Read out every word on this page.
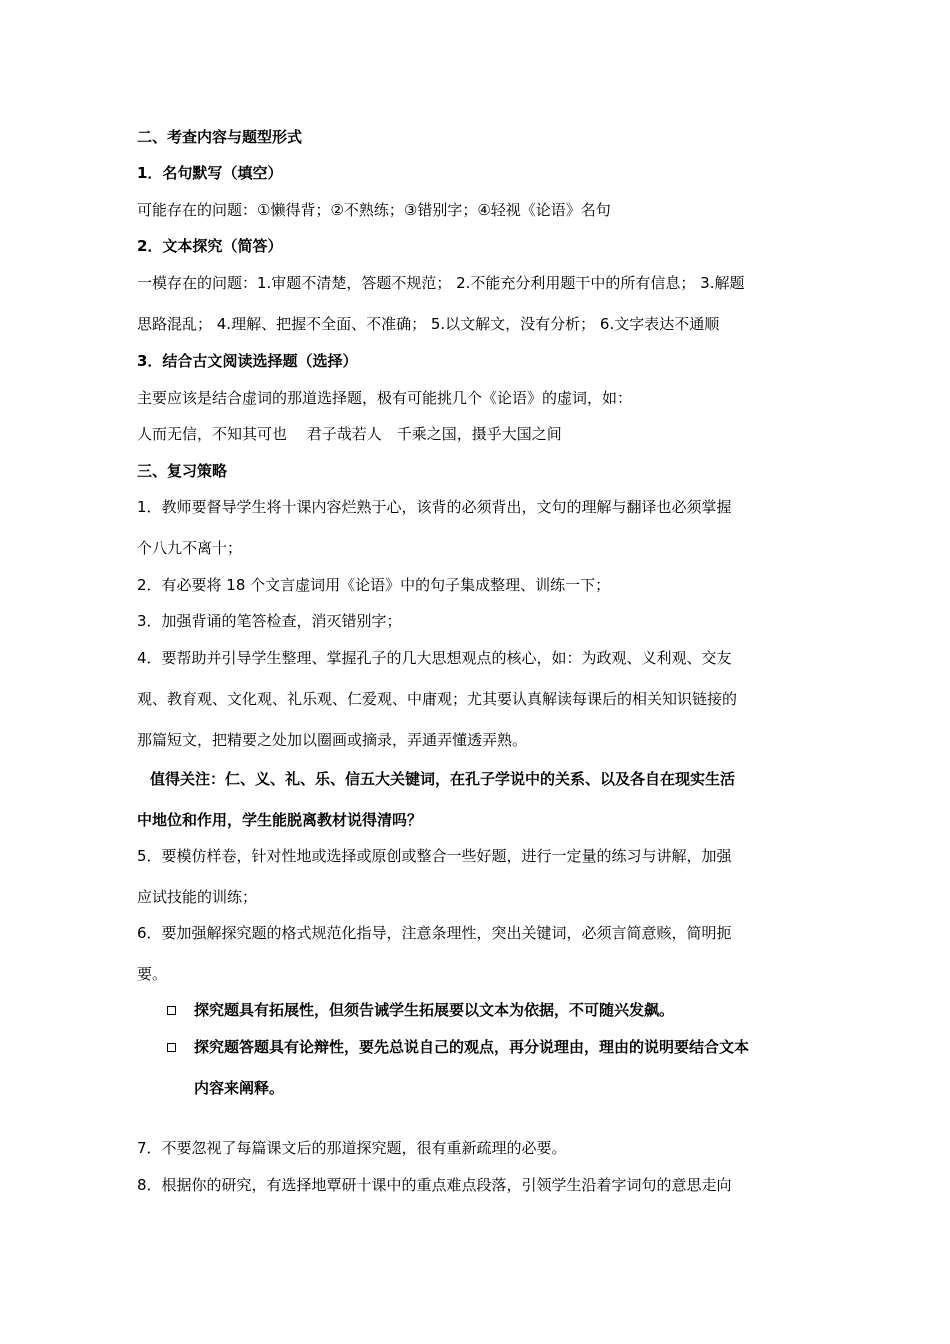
二、考查内容与题型形式
1．名句默写（填空）
可能存在的问题：①懒得背；②不熟练；③错别字；④轻视《论语》名句
2．文本探究（简答）
一模存在的问题：1.审题不清楚，答题不规范； 2.不能充分利用题干中的所有信息； 3.解题
思路混乱； 4.理解、把握不全面、不准确； 5.以文解文，没有分析； 6.文字表达不通顺
3．结合古文阅读选择题（选择）
主要应该是结合虚词的那道选择题，极有可能挑几个《论语》的虚词，如：
人而无信，不知其可也　 君子哉若人　千乘之国，摄乎大国之间
三、复习策略
1．教师要督导学生将十课内容烂熟于心，该背的必须背出，文句的理解与翻译也必须掌握
个八九不离十；
2．有必要将 18 个文言虚词用《论语》中的句子集成整理、训练一下；
3．加强背诵的笔答检查，消灭错别字；
4．要帮助并引导学生整理、掌握孔子的几大思想观点的核心，如：为政观、义利观、交友
观、教育观、文化观、礼乐观、仁爱观、中庸观；尤其要认真解读每课后的相关知识链接的
那篇短文，把精要之处加以圈画或摘录，弄通弄懂透弄熟。
值得关注：仁、义、礼、乐、信五大关键词，在孔子学说中的关系、以及各自在现实生活
中地位和作用，学生能脱离教材说得清吗？
5．要模仿样卷，针对性地或选择或原创或整合一些好题，进行一定量的练习与讲解，加强
应试技能的训练；
6．要加强解探究题的格式规范化指导，注意条理性，突出关键词，必须言简意赅，简明扼
要。
探究题具有拓展性，但须告诫学生拓展要以文本为依据，不可随兴发飙。
探究题答题具有论辩性，要先总说自己的观点，再分说理由，理由的说明要结合文本
内容来阐释。
7．不要忽视了每篇课文后的那道探究题，很有重新疏理的必要。
8．根据你的研究，有选择地覃研十课中的重点难点段落，引领学生沿着字词句的意思走向
